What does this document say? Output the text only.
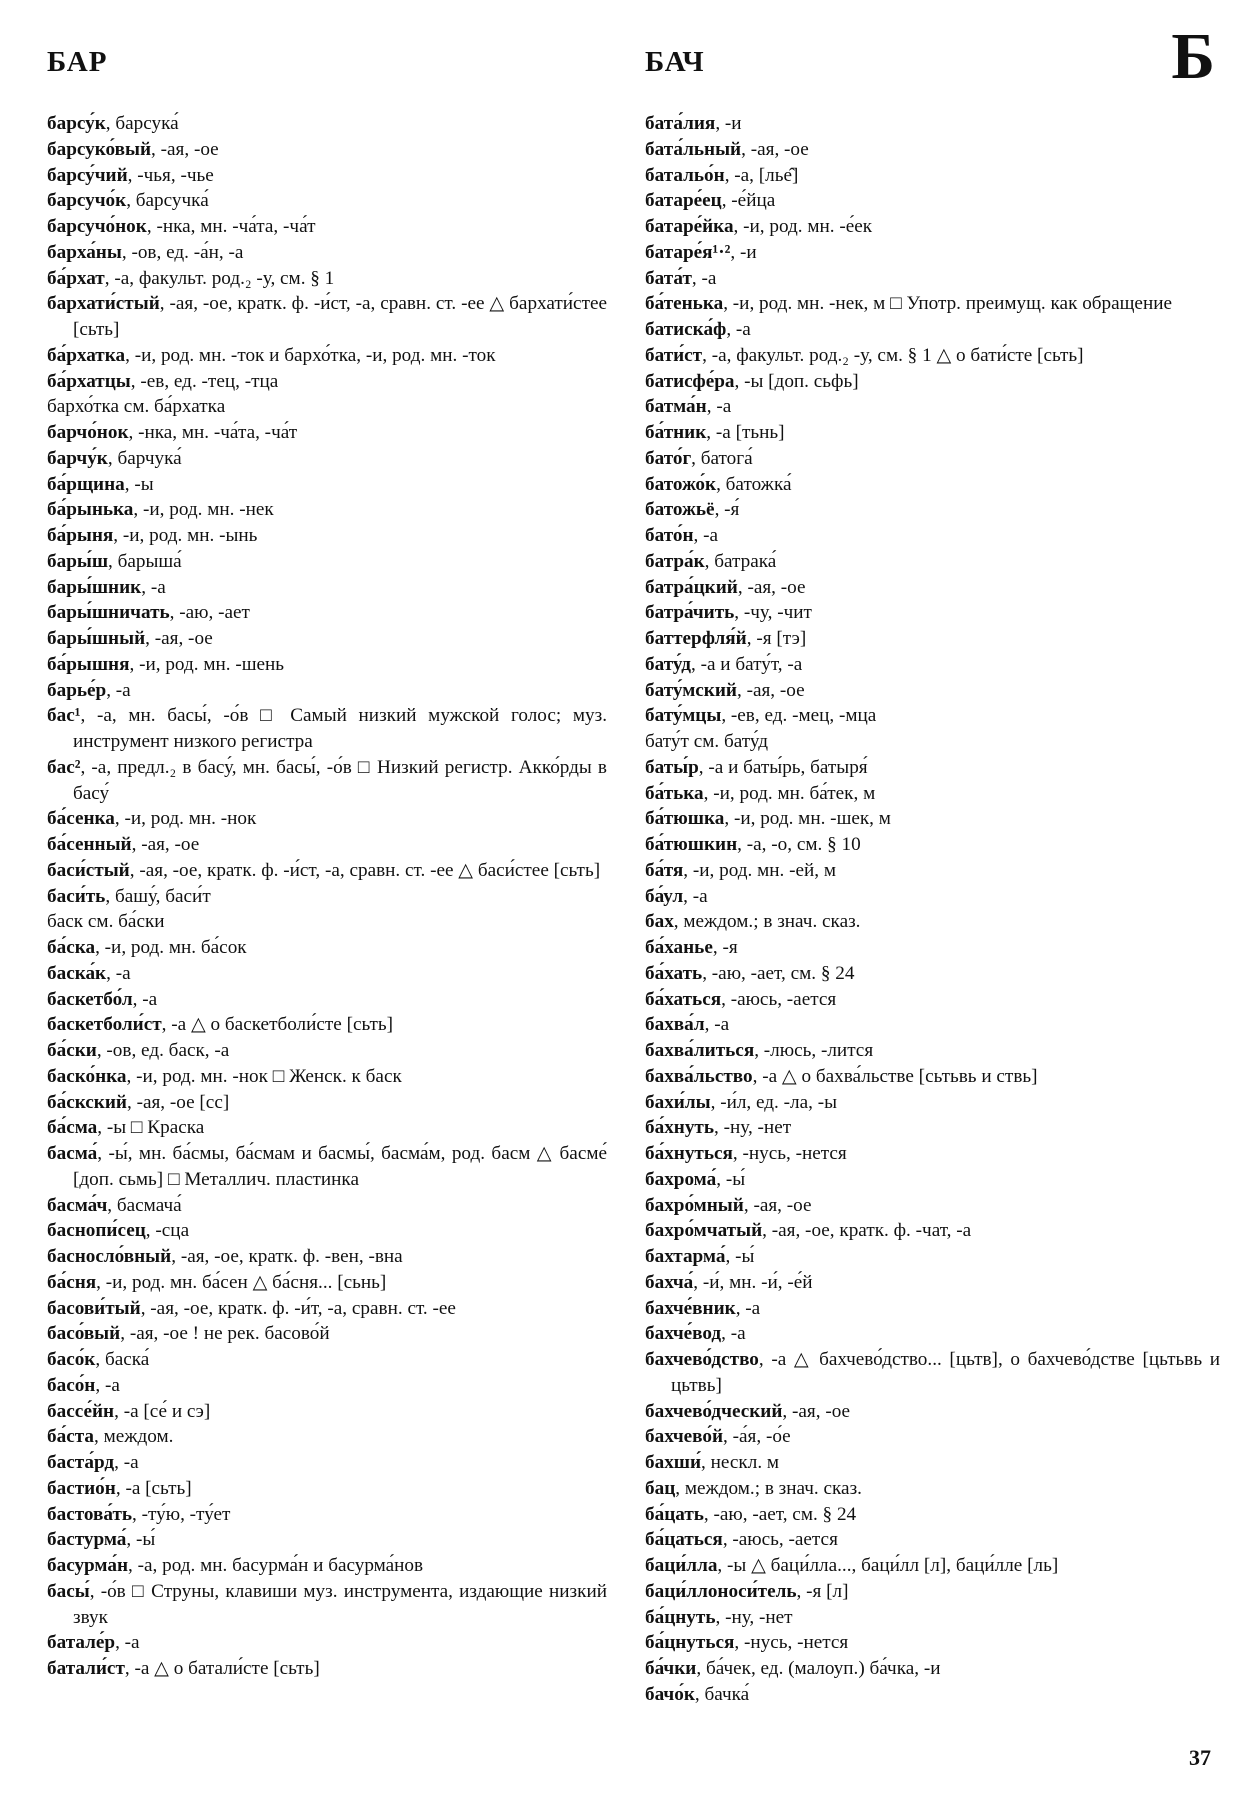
БАР	БАЧ	Б
барсу́к, барсука́
барсуко́вый, -ая, -ое
барсу́чий, -чья, -чье
барсучо́к, барсучка́
барсучо́нок, -нка, мн. -ча́та, -ча́т
барха́ны, -ов, ед. -а́н, -а
ба́рхат, -а, факульт. род.₂ -у, см. § 1
бархати́стый, -ая, -ое, кратк. ф. -и́ст, -а, сравн. ст. -ее △ бархати́стее [сьть]
ба́рхатка, -и, род. мн. -ток и бархо́тка, -и, род. мн. -ток
ба́рхатцы, -ев, ед. -тец, -тца
бархо́тка см. ба́рхатка
барчо́нок, -нка, мн. -ча́та, -ча́т
барчу́к, барчука́
ба́рщина, -ы
ба́рынька, -и, род. мн. -нек
ба́рыня, -и, род. мн. -ынь
бары́ш, барыша́
бары́шник, -а
бары́шничать, -аю, -ает
бары́шный, -ая, -ое
ба́рышня, -и, род. мн. -шень
барье́р, -а
бас¹, -а, мн. басы́, -о́в □ Самый низкий мужской голос; муз. инструмент низкого регистра
бас², -а, предл.₂ в басу́, мн. басы́, -о́в □ Низкий регистр. Акко́рды в басу́
ба́сенка, -и, род. мн. -нок
ба́сенный, -ая, -ое
баси́стый, -ая, -ое, кратк. ф. -и́ст, -а, сравн. ст. -ее △ баси́стее [сьть]
баси́ть, башу́, баси́т
баск см. ба́ски
ба́ска, -и, род. мн. ба́сок
баска́к, -а
баскетбо́л, -а
баскетболи́ст, -а △ о баскетболи́сте [сьть]
ба́ски, -ов, ед. баск, -а
баско́нка, -и, род. мн. -нок □ Женск. к баск
ба́скский, -ая, -ое [сс]
ба́сма, -ы □ Краска
басма́, -ы́, мн. ба́смы, ба́смам и басмы́, басма́м, род. басм △ басме́ [доп. сьмь] □ Металлич. пластинка
басма́ч, басмача́
баснопи́сец, -сца
басносло́вный, -ая, -ое, кратк. ф. -вен, -вна
ба́сня, -и, род. мн. ба́сен △ ба́сня... [сьнь]
басови́тый, -ая, -ое, кратк. ф. -и́т, -а, сравн. ст. -ее
басо́вый, -ая, -ое ! не рек. басово́й
басо́к, баска́
басо́н, -а
бассе́йн, -а [се́ и сэ]
ба́ста, междом.
баста́рд, -а
бастио́н, -а [сьть]
бастова́ть, -ту́ю, -ту́ет
бастурма́, -ы́
басурма́н, -а, род. мн. басурма́н и басурма́нов
басы́, -о́в □ Струны, клавиши муз. инструмента, издающие низкий звук
батале́р, -а
батали́ст, -а △ о батали́сте [сьть]
бата́лия, -и
бата́льный, -ая, -ое
батальо́н, -а, [лье̂]
батаре́ец, -е́йца
батаре́йка, -и, род. мн. -е́ек
батаре́я¹·², -и
бата́т, -а
ба́тенька, -и, род. мн. -нек, м □ Употр. преимущ. как обращение
батиска́ф, -а
бати́ст, -а, факульт. род.₂ -у, см. § 1 △ о бати́сте [сьть]
батисфе́ра, -ы [доп. сьфь]
батма́н, -а
ба́тник, -а [тьнь]
бато́г, батога́
батожо́к, батожка́
батожьё, -я́
бато́н, -а
батра́к, батрака́
батра́цкий, -ая, -ое
батра́чить, -чу, -чит
баттерфля́й, -я [тэ]
бату́д, -а и бату́т, -а
бату́мский, -ая, -ое
бату́мцы, -ев, ед. -мец, -мца
бату́т см. бату́д
баты́р, -а и баты́рь, батыря́
ба́тька, -и, род. мн. ба́тек, м
ба́тюшка, -и, род. мн. -шек, м
ба́тюшкин, -а, -о, см. § 10
ба́тя, -и, род. мн. -ей, м
ба́ул, -а
бах, междом.; в знач. сказ.
ба́ханье, -я
ба́хать, -аю, -ает, см. § 24
ба́хаться, -аюсь, -ается
бахва́л, -а
бахва́литься, -люсь, -лится
бахва́льство, -а △ о бахва́льстве [сьтьвь и ствь]
бахи́лы, -и́л, ед. -ла, -ы
ба́хнуть, -ну, -нет
ба́хнуться, -нусь, -нется
бахрома́, -ы́
бахро́мный, -ая, -ое
бахро́мчатый, -ая, -ое, кратк. ф. -чат, -а
бахтарма́, -ы́
бахча́, -и́, мн. -и́, -е́й
бахче́вник, -а
бахче́вод, -а
бахчево́дство, -а △ бахчево́дство... [цьтв], о бахчево́дстве [цьтьвь и цьтвь]
бахчево́дческий, -ая, -ое
бахчево́й, -а́я, -о́е
бахши́, нескл. м
бац, междом.; в знач. сказ.
ба́цать, -аю, -ает, см. § 24
ба́цаться, -аюсь, -ается
баци́лла, -ы △ баци́лла..., баци́лл [л], баци́лле [ль]
баци́ллоноси́тель, -я [л]
ба́цнуть, -ну, -нет
ба́цнуться, -нусь, -нется
ба́чки, ба́чек, ед. (малоуп.) ба́чка, -и
бачо́к, бачка́
37
